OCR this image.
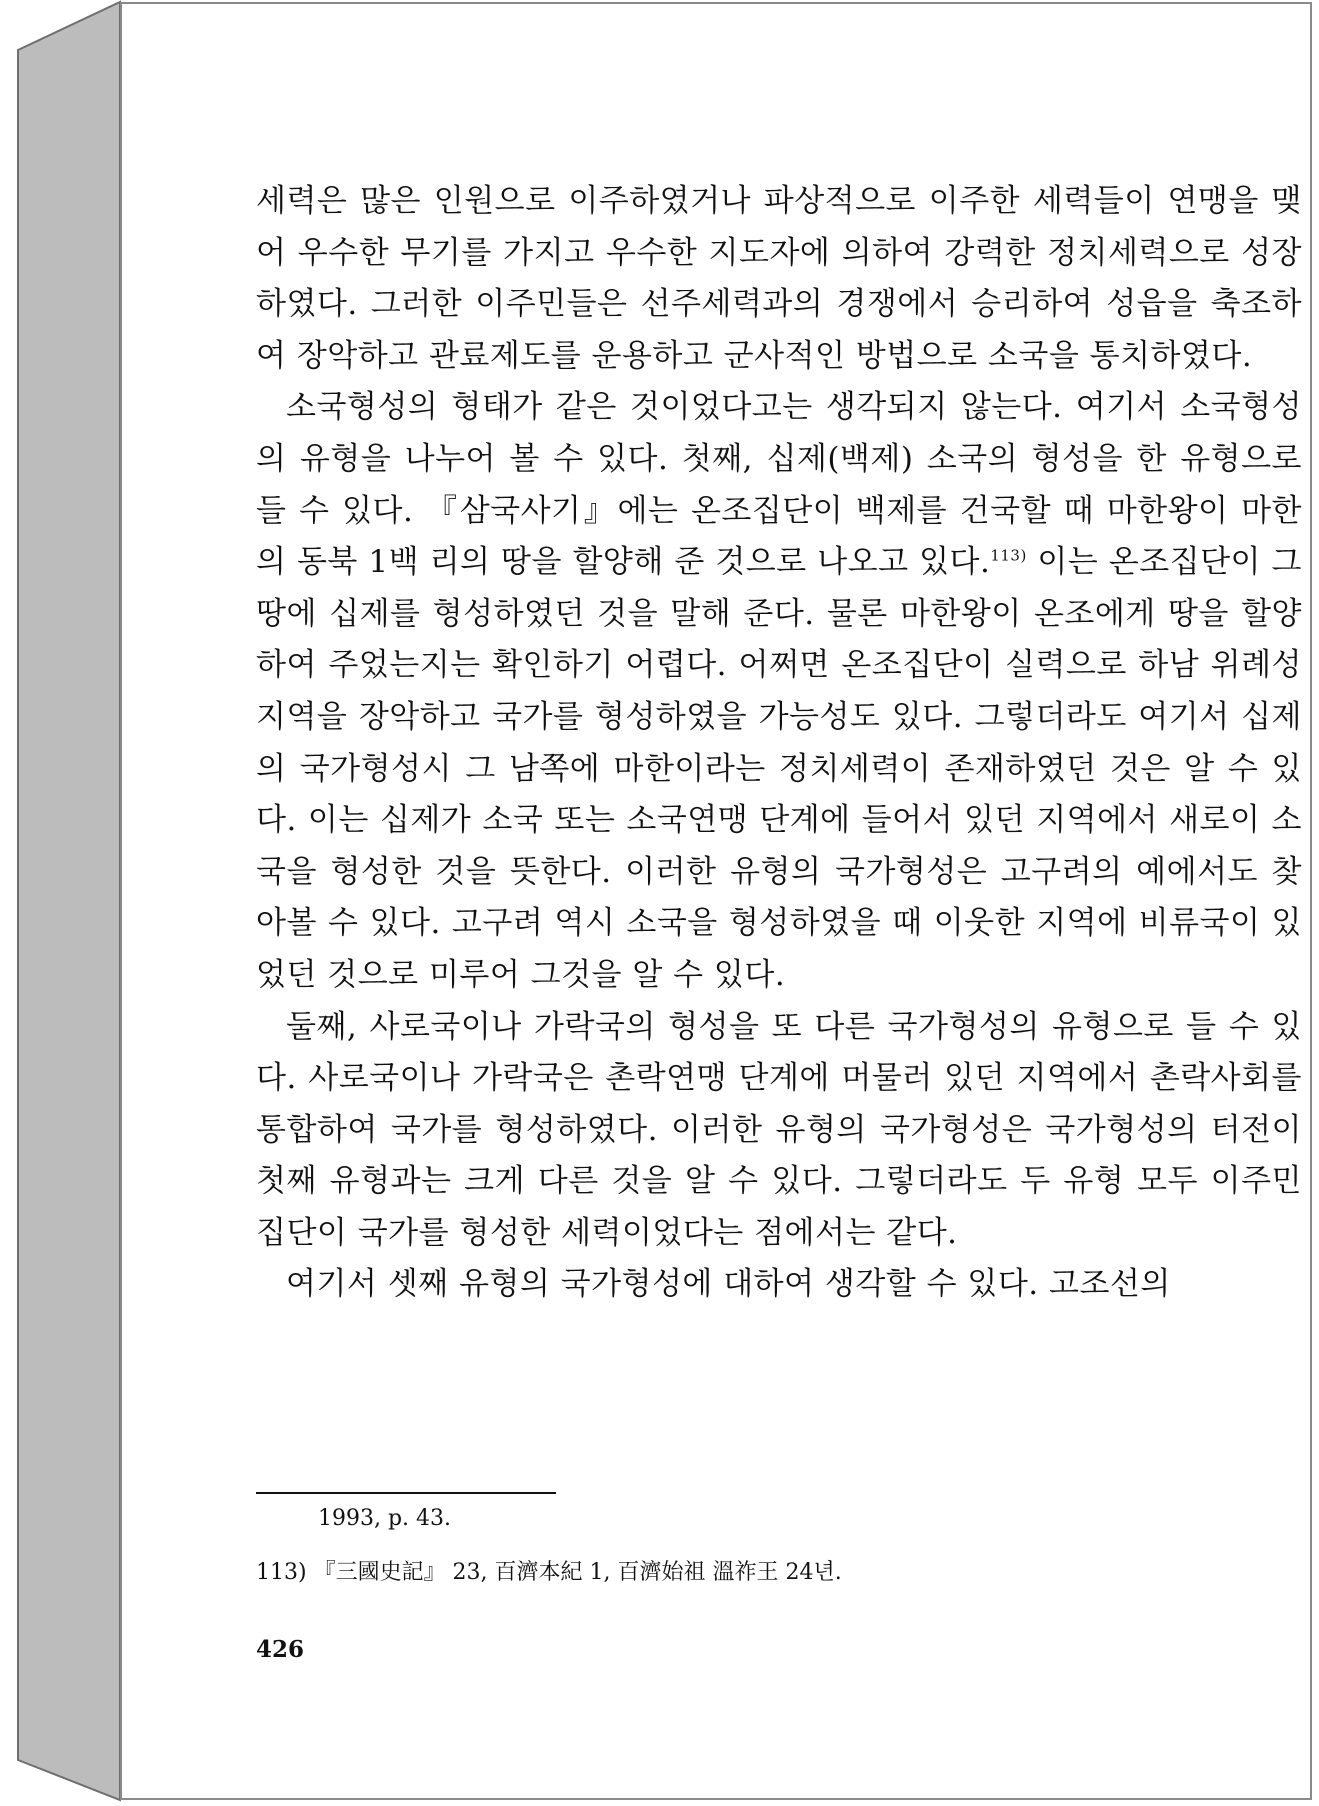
세력은 많은 인원으로 이주하였거나 파상적으로 이주한 세력들이 연맹을 맺어 우수한 무기를 가지고 우수한 지도자에 의하여 강력한 정치세력으로 성장하였다. 그러한 이주민들은 선주세력과의 경쟁에서 승리하여 성읍을 축조하여 장악하고 관료제도를 운용하고 군사적인 방법으로 소국을 통치하였다.

소국형성의 형태가 같은 것이었다고는 생각되지 않는다. 여기서 소국형성의 유형을 나누어 볼 수 있다. 첫째, 십제(백제) 소국의 형성을 한 유형으로 들 수 있다. 『삼국사기』에는 온조집단이 백제를 건국할 때 마한왕이 마한의 동북 1백 리의 땅을 할양해 준 것으로 나오고 있다.$^{113)}$ 이는 온조집단이 그 땅에 십제를 형성하였던 것을 말해 준다. 물론 마한왕이 온조에게 땅을 할양하여 주었는지는 확인하기 어렵다. 어쩌면 온조집단이 실력으로 하남 위례성 지역을 장악하고 국가를 형성하였을 가능성도 있다. 그렇더라도 여기서 십제의 국가형성시 그 남쪽에 마한이라는 정치세력이 존재하였던 것은 알 수 있다. 이는 십제가 소국 또는 소국연맹 단계에 들어서 있던 지역에서 새로이 소국을 형성한 것을 뜻한다. 이러한 유형의 국가형성은 고구려의 예에서도 찾아볼 수 있다. 고구려 역시 소국을 형성하였을 때 이웃한 지역에 비류국이 있었던 것으로 미루어 그것을 알 수 있다.

둘째, 사로국이나 가락국의 형성을 또 다른 국가형성의 유형으로 들 수 있다. 사로국이나 가락국은 촌락연맹 단계에 머물러 있던 지역에서 촌락사회를 통합하여 국가를 형성하였다. 이러한 유형의 국가형성은 국가형성의 터전이 첫째 유형과는 크게 다른 것을 알 수 있다. 그렇더라도 두 유형 모두 이주민집단이 국가를 형성한 세력이었다는 점에서는 같다.

여기서 셋째 유형의 국가형성에 대하여 생각할 수 있다. 고조선의

1993, p. 43.
113) 『三國史記』 23, 百濟本紀 1, 百濟始祖 溫祚王 24년.
426
